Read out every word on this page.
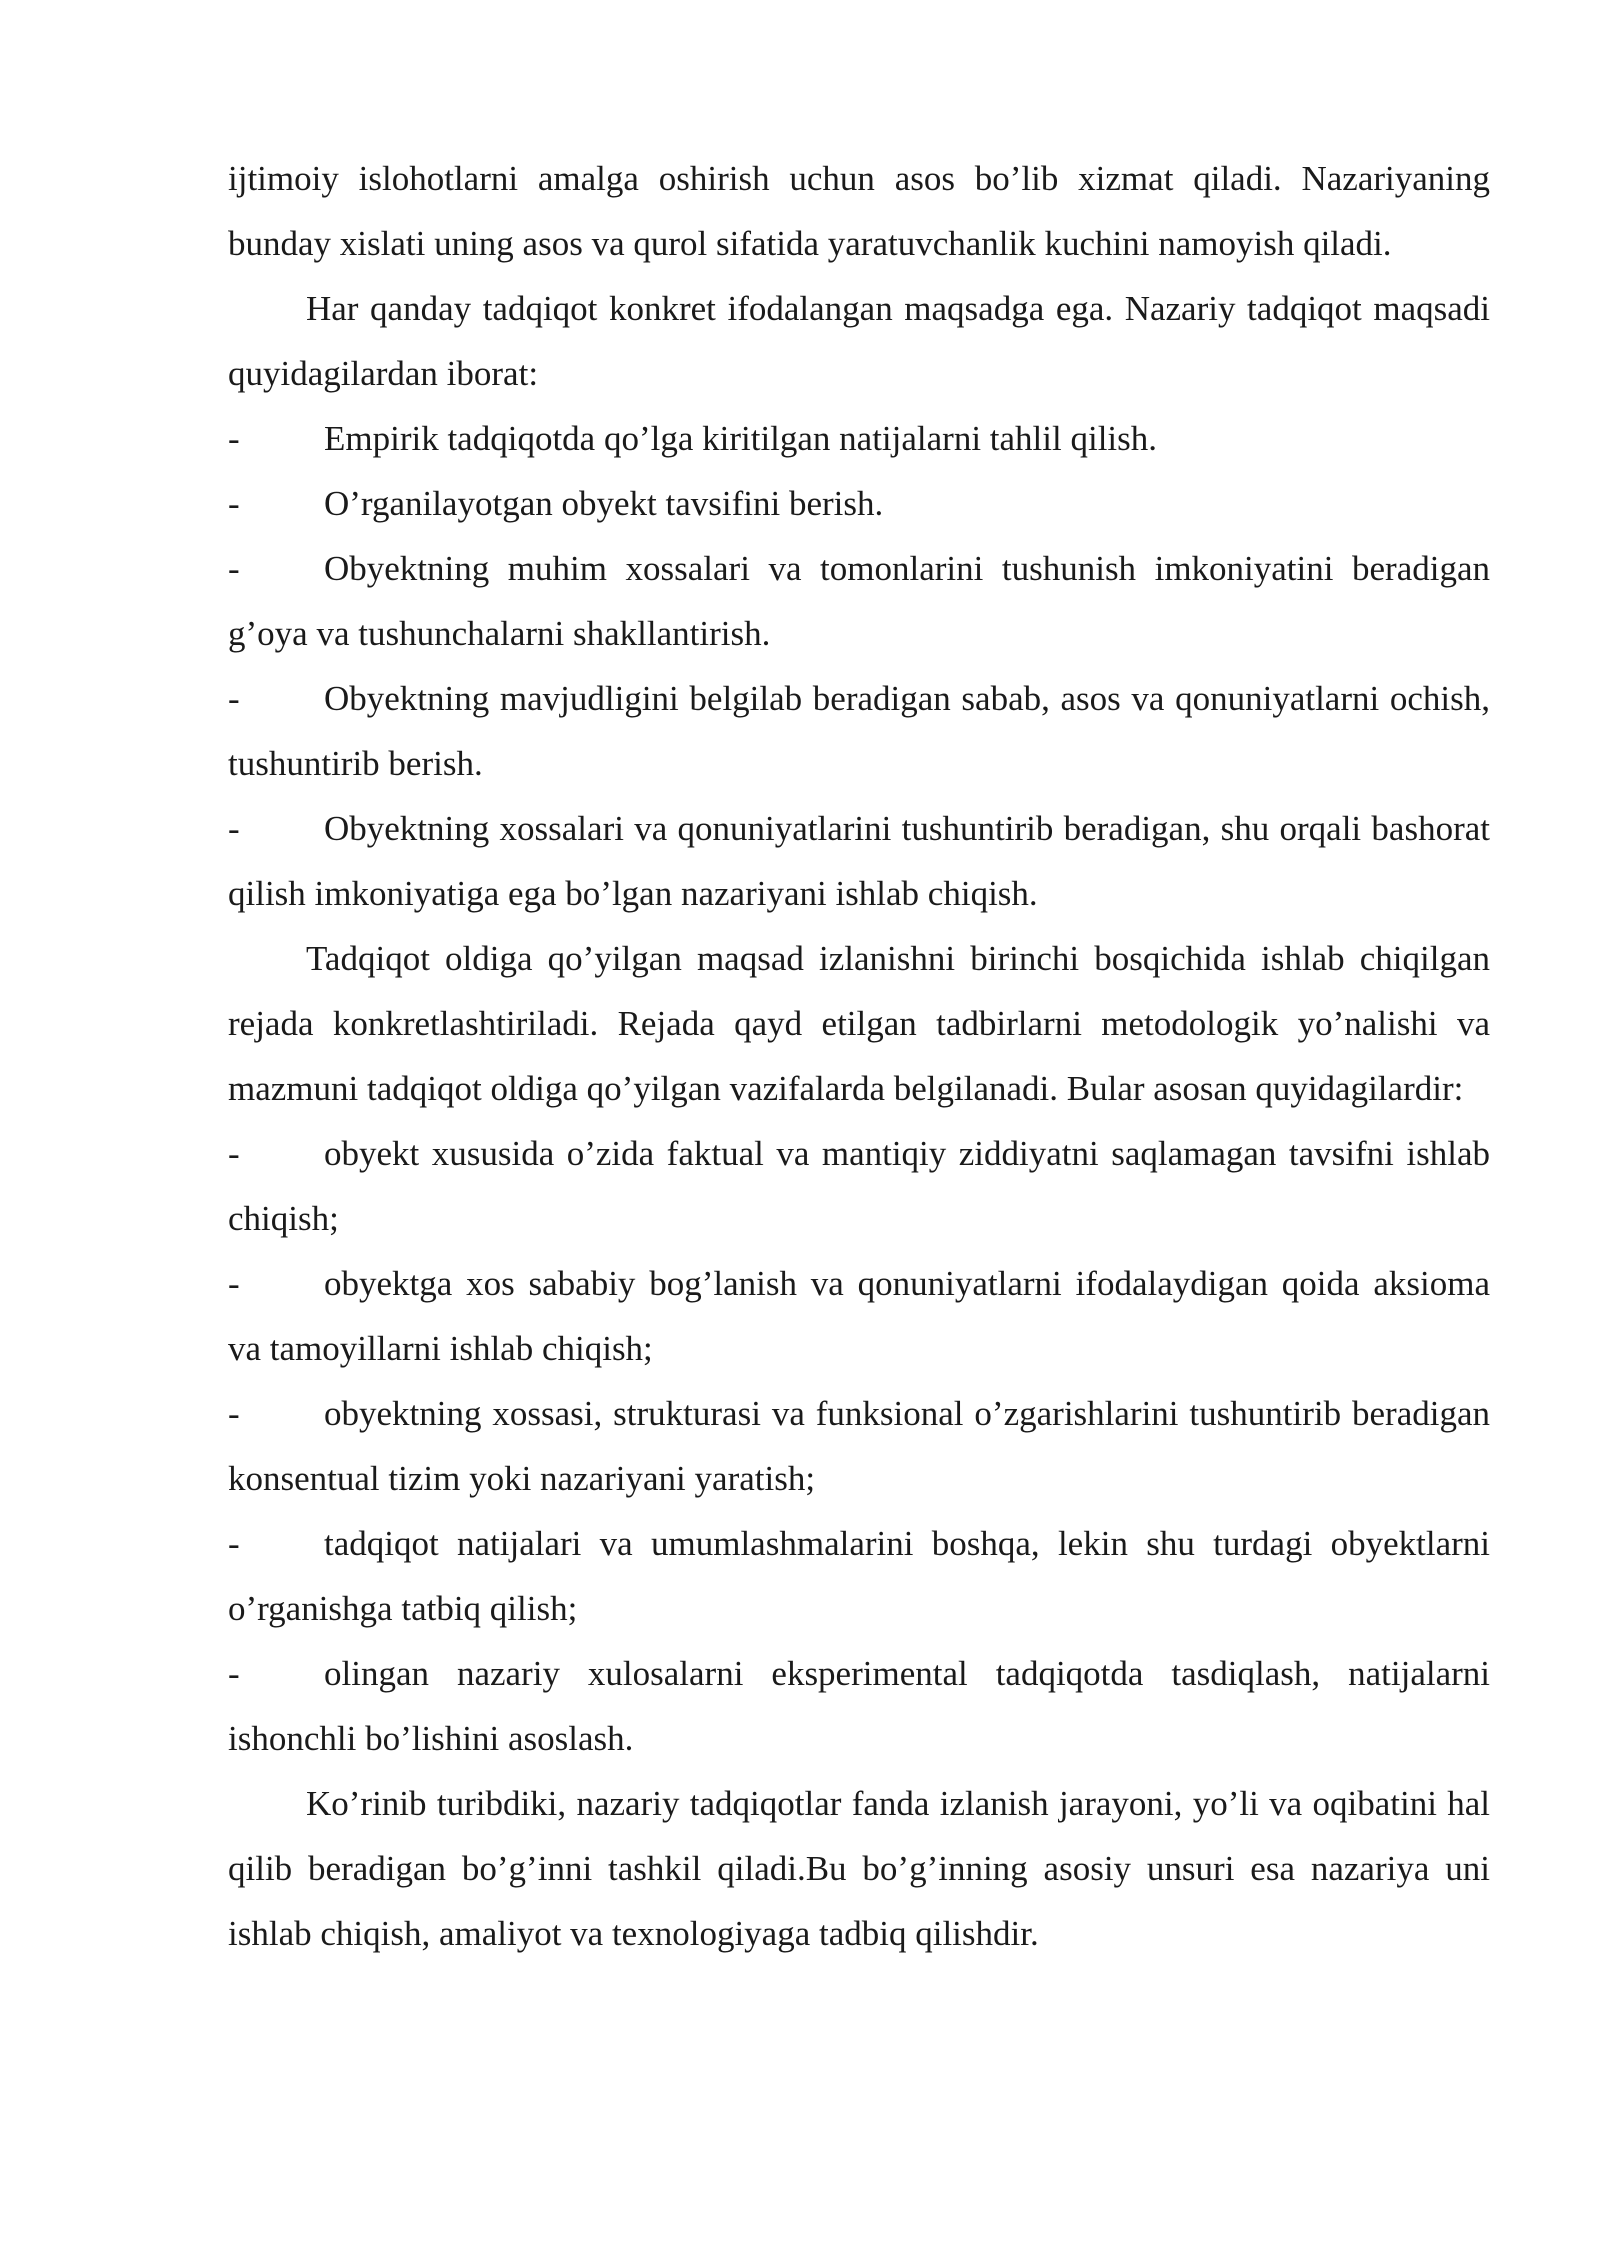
ijtimoiy islohotlarni amalga oshirish uchun asos bo’lib xizmat qiladi. Nazariyaning bunday xislati uning asos va qurol sifatida yaratuvchanlik kuchini namoyish qiladi.

Har qanday tadqiqot konkret ifodalangan maqsadga ega. Nazariy tadqiqot maqsadi quyidagilardan iborat:

- Empirik tadqiqotda qo’lga kiritilgan natijalarni tahlil qilish.

- O’rganilayotgan obyekt tavsifini berish.

- Obyektning muhim xossalari va tomonlarini tushunish imkoniyatini beradigan g’oya va tushunchalarni shakllantirish.

- Obyektning mavjudligini belgilab beradigan sabab, asos va qonuniyatlarni ochish, tushuntirib berish.

- Obyektning xossalari va qonuniyatlarini tushuntirib beradigan, shu orqali bashorat qilish imkoniyatiga ega bo’lgan nazariyani ishlab chiqish.

Tadqiqot oldiga qo’yilgan maqsad izlanishni birinchi bosqichida ishlab chiqilgan rejada konkretlashtiriladi. Rejada qayd etilgan tadbirlarni metodologik yo’nalishi va mazmuni tadqiqot oldiga qo’yilgan vazifalarda belgilanadi. Bular asosan quyidagilardir:

- obyekt xususida o’zida faktual va mantiqiy ziddiyatni saqlamagan tavsifni ishlab chiqish;

- obyektga xos sababiy bog’lanish va qonuniyatlarni ifodalaydigan qoida aksioma va tamoyillarni ishlab chiqish;

- obyektning xossasi, strukturasi va funksional o’zgarishlarini tushuntirib beradigan konsentual tizim yoki nazariyani yaratish;

- tadqiqot natijalari va umumlashmalarini boshqa, lekin shu turdagi obyektlarni o’rganishga tatbiq qilish;

- olingan nazariy xulosalarni eksperimental tadqiqotda tasdiqlash, natijalarni ishonchli bo’lishini asoslash.

Ko’rinib turibdiki, nazariy tadqiqotlar fanda izlanish jarayoni, yo’li va oqibatini hal qilib beradigan bo’g’inni tashkil qiladi.Bu bo’g’inning asosiy unsuri esa nazariya uni ishlab chiqish, amaliyot va texnologiyaga tadbiq qilishdir.
